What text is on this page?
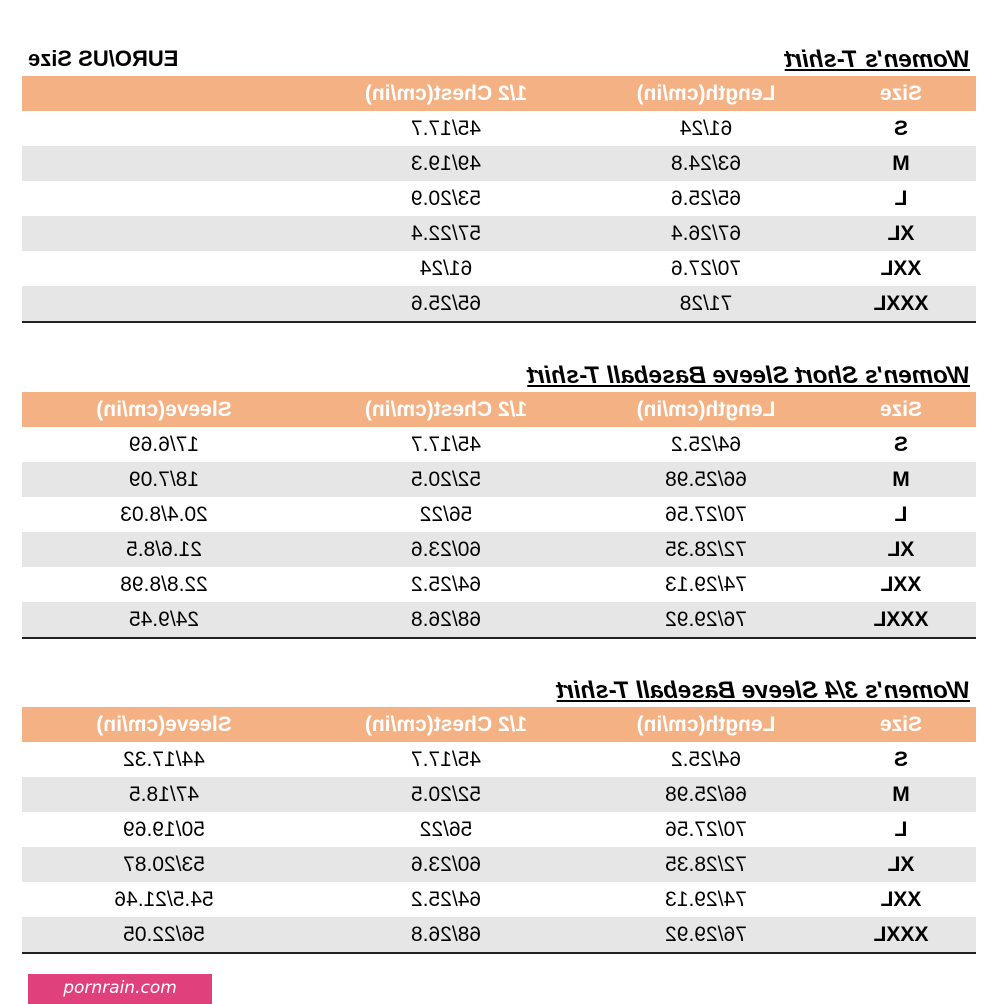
Women's T-shirt
EURO/US Size
Size	Length(cm/in)	1/2 Chest(cm/in)	
S	61/24	45/17.7	
M	63/24.8	49/19.3	
L	65/25.6	53/20.9	
XL	67/26.4	57/22.4	
XXL	70/27.6	61/24	
XXXL	71/28	65/25.6	
Women's Short Sleeve Baseball T-shirt
Size	Length(cm/in)	1/2 Chest(cm/in)	Sleeve(cm/in)
S	64/25.2	45/17.7	17/6.69
M	66/25.98	52/20.5	18/7.09
L	70/27.56	56/22	20.4/8.03
XL	72/28.35	60/23.6	21.6/8.5
XXL	74/29.13	64/25.2	22.8/8.98
XXXL	76/29.92	68/26.8	24/9.45
Women's 3/4 Sleeve Baseball T-shirt
Size	Length(cm/in)	1/2 Chest(cm/in)	Sleeve(cm/in)
S	64/25.2	45/17.7	44/17.32
M	66/25.98	52/20.5	47/18.5
L	70/27.56	56/22	50/19.69
XL	72/28.35	60/23.6	53/20.87
XXL	74/29.13	64/25.2	54.5/21.46
XXXL	76/29.92	68/26.8	56/22.05
pornrain.com
